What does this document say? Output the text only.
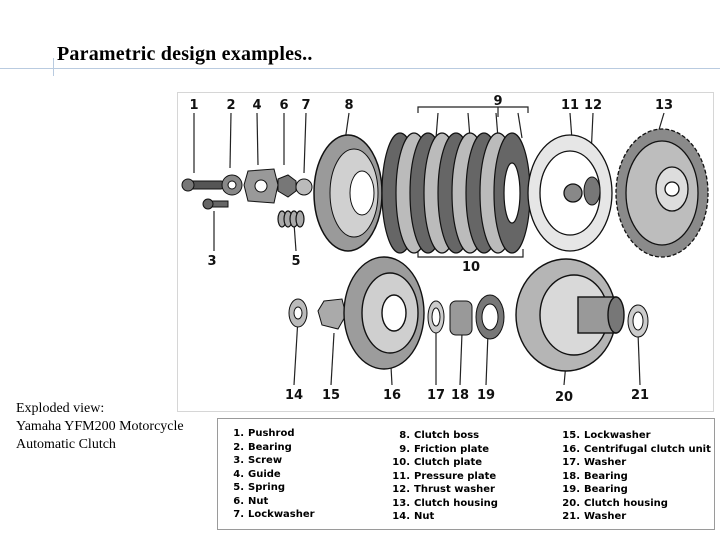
Parametric design examples..
Exploded view:
Yamaha YFM200 Motorcycle
Automatic Clutch
1 2 4 6 7	8	9	11 12	13
3	5	10
14 15	16 17 18 19	20	21
1. Pushrod
2. Bearing
3. Screw
4. Guide
5. Spring
6. Nut
7. Lockwasher
8. Clutch boss
9. Friction plate
10. Clutch plate
11. Pressure plate
12. Thrust washer
13. Clutch housing
14. Nut
15. Lockwasher
16. Centrifugal clutch unit
17. Washer
18. Bearing
19. Bearing
20. Clutch housing
21. Washer
